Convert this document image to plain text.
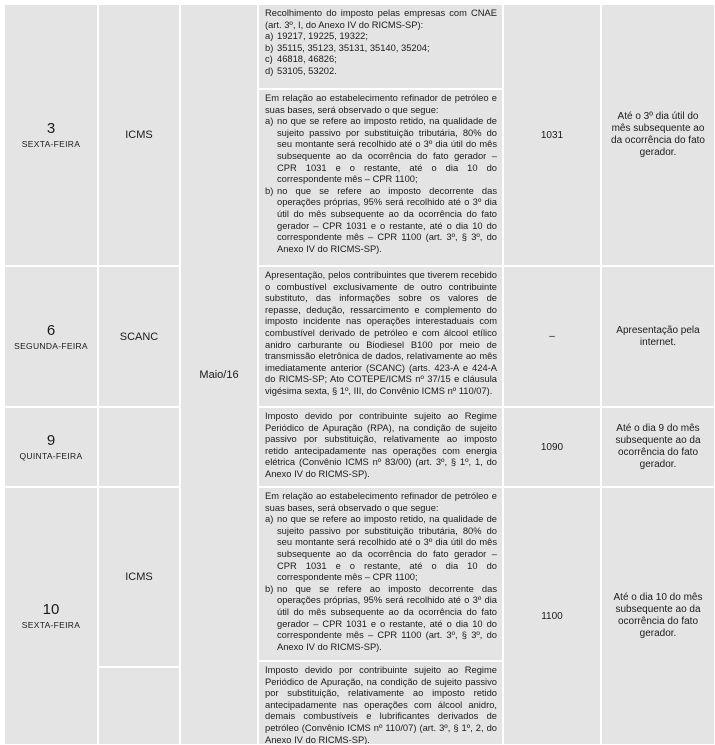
Maio/16
3
SEXTA-FEIRA
ICMS

Recolhimento do imposto pelas empresas com CNAE (art. 3º, I, do Anexo IV do RICMS-SP):

a) 19217, 19225, 19322;
b) 35115, 35123, 35131, 35140, 35204;
c) 46818, 46826;
d) 53105, 53202.

Em relação ao estabelecimento refinador de petróleo e suas bases, será observado o que segue:

a) no que se refere ao imposto retido, na qualidade de sujeito passivo por substituição tributária, 80% do seu montante será recolhido até o 3º dia útil do mês subsequente ao da ocorrência do fato gerador – CPR 1031 e o restante, até o dia 10 do correspondente mês – CPR 1100;
b) no que se refere ao imposto decorrente das operações próprias, 95% será recolhido até o 3º dia útil do mês subsequente ao da ocorrência do fato gerador – CPR 1031 e o restante, até o dia 10 do correspondente mês – CPR 1100 (art. 3º, § 3º, do Anexo IV do RICMS-SP).
1031
Até o 3º dia útil do mês subsequente ao da ocorrência do fato gerador.
6
SEGUNDA-FEIRA
SCANC

Apresentação, pelos contribuintes que tiverem recebido o combustível exclusivamente de outro contribuinte substituto, das informações sobre os valores de repasse, dedução, ressarcimento e complemento do imposto incidente nas operações interestaduais com combustível derivado de petróleo e com álcool etílico anidro carburante ou Biodiesel B100 por meio de transmissão eletrônica de dados, relativamente ao mês imediatamente anterior (SCANC) (arts. 423-A e 424-A do RICMS-SP; Ato COTEPE/ICMS nº 37/15 e cláusula vigésima sexta, § 1º, III, do Convênio ICMS nº 110/07).

–
Apresentação pela internet.
9
QUINTA-FEIRA

Imposto devido por contribuinte sujeito ao Regime Periódico de Apuração (RPA), na condição de sujeito passivo por substituição, relativamente ao imposto retido antecipadamente nas operações com energia elétrica (Convênio ICMS nº 83/00) (art. 3º, § 1º, 1, do Anexo IV do RICMS-SP).

1090
Até o dia 9 do mês subsequente ao da ocorrência do fato gerador.
10
SEXTA-FEIRA
ICMS

Em relação ao estabelecimento refinador de petróleo e suas bases, será observado o que segue:

a) no que se refere ao imposto retido, na qualidade de sujeito passivo por substituição tributária, 80% do seu montante será recolhido até o 3º dia útil do mês subsequente ao da ocorrência do fato gerador – CPR 1031 e o restante, até o dia 10 do correspondente mês – CPR 1100;
b) no que se refere ao imposto decorrente das operações próprias, 95% será recolhido até o 3º dia útil do mês subsequente ao da ocorrência do fato gerador – CPR 1031 e o restante, até o dia 10 do correspondente mês – CPR 1100 (art. 3º, § 3º, do Anexo IV do RICMS-SP).

Imposto devido por contribuinte sujeito ao Regime Periódico de Apuração, na condição de sujeito passivo por substituição, relativamente ao imposto retido antecipadamente nas operações com álcool anidro, demais combustíveis e lubrificantes derivados de petróleo (Convênio ICMS nº 110/07) (art. 3º, § 1º, 2, do Anexo IV do RICMS-SP).

1100
Até o dia 10 do mês subsequente ao da ocorrência do fato gerador.
